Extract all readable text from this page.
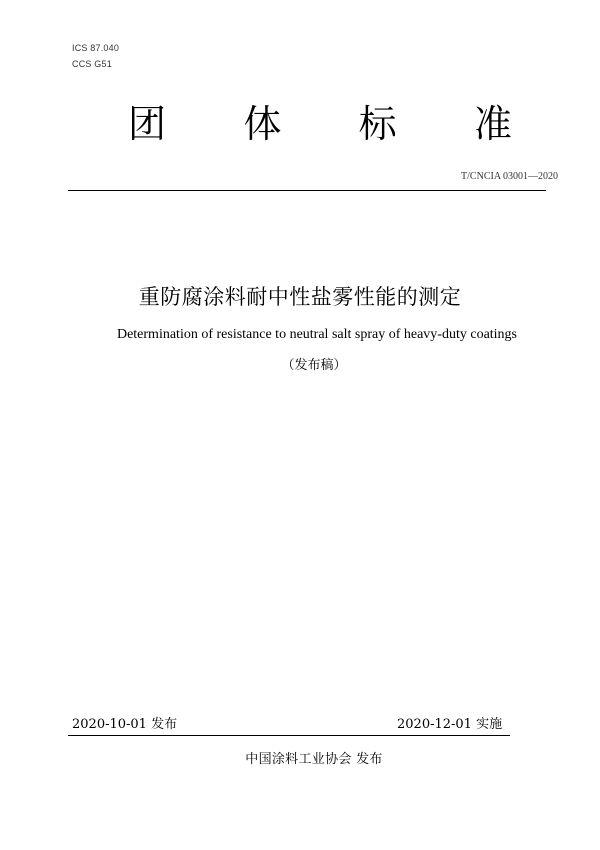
ICS 87.040
CCS G51
团 体 标 准
T/CNCIA 03001—2020
重防腐涂料耐中性盐雾性能的测定
Determination of resistance to neutral salt spray of heavy-duty coatings
（发布稿）
2020-10-01 发布	2020-12-01 实施
中国涂料工业协会 发布
